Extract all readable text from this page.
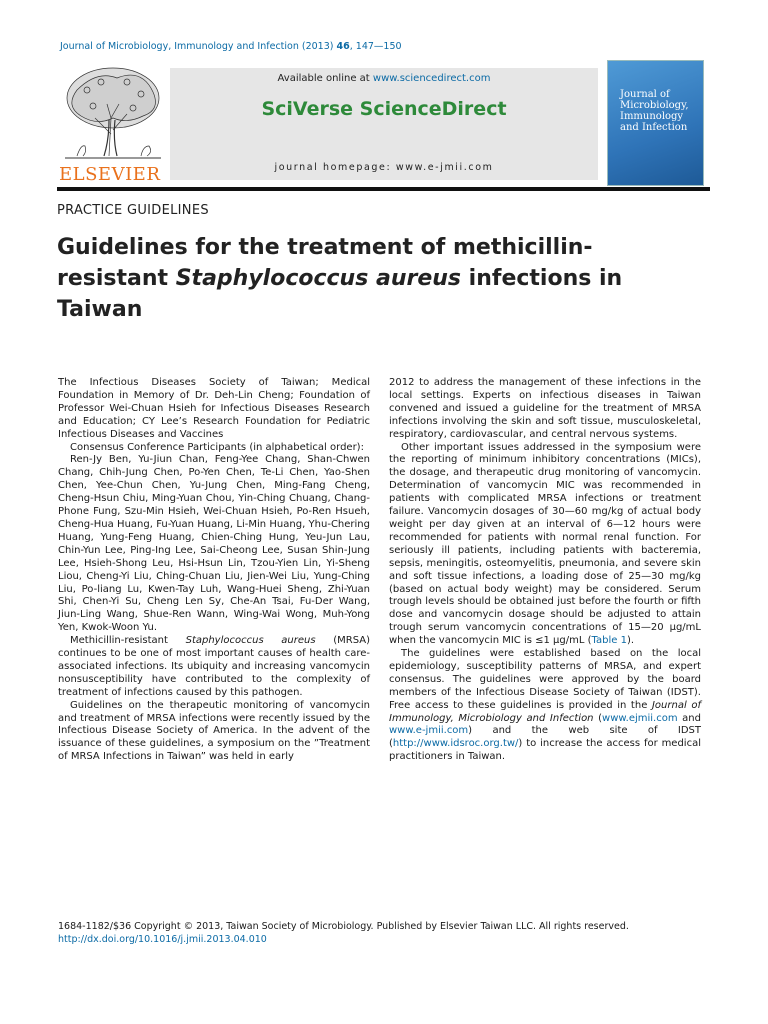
Journal of Microbiology, Immunology and Infection (2013) 46, 147—150
ELSEVIER
Available online at www.sciencedirect.com
SciVerse ScienceDirect
journal homepage: www.e-jmii.com
Journal of Microbiology, Immunology and Infection
PRACTICE GUIDELINES
Guidelines for the treatment of methicillin-resistant Staphylococcus aureus infections in Taiwan

The Infectious Diseases Society of Taiwan; Medical Foundation in Memory of Dr. Deh-Lin Cheng; Foundation of Professor Wei-Chuan Hsieh for Infectious Diseases Research and Education; CY Lee’s Research Foundation for Pediatric Infectious Diseases and Vaccines

Consensus Conference Participants (in alphabetical order):

Ren-Jy Ben, Yu-Jiun Chan, Feng-Yee Chang, Shan-Chwen Chang, Chih-Jung Chen, Po-Yen Chen, Te-Li Chen, Yao-Shen Chen, Yee-Chun Chen, Yu-Jung Chen, Ming-Fang Cheng, Cheng-Hsun Chiu, Ming-Yuan Chou, Yin-Ching Chuang, Chang-Phone Fung, Szu-Min Hsieh, Wei-Chuan Hsieh, Po-Ren Hsueh, Cheng-Hua Huang, Fu-Yuan Huang, Li-Min Huang, Yhu-Chering Huang, Yung-Feng Huang, Chien-Ching Hung, Yeu-Jun Lau, Chin-Yun Lee, Ping-Ing Lee, Sai-Cheong Lee, Susan Shin-Jung Lee, Hsieh-Shong Leu, Hsi-Hsun Lin, Tzou-Yien Lin, Yi-Sheng Liou, Cheng-Yi Liu, Ching-Chuan Liu, Jien-Wei Liu, Yung-Ching Liu, Po-liang Lu, Kwen-Tay Luh, Wang-Huei Sheng, Zhi-Yuan Shi, Chen-Yi Su, Cheng Len Sy, Che-An Tsai, Fu-Der Wang, Jiun-Ling Wang, Shue-Ren Wann, Wing-Wai Wong, Muh-Yong Yen, Kwok-Woon Yu.

Methicillin-resistant Staphylococcus aureus (MRSA) continues to be one of most important causes of health care-associated infections. Its ubiquity and increasing vancomycin nonsusceptibility have contributed to the complexity of treatment of infections caused by this pathogen.

Guidelines on the therapeutic monitoring of vancomycin and treatment of MRSA infections were recently issued by the Infectious Disease Society of America. In the advent of the issuance of these guidelines, a symposium on the ”Treatment of MRSA Infections in Taiwan” was held in early

2012 to address the management of these infections in the local settings. Experts on infectious diseases in Taiwan convened and issued a guideline for the treatment of MRSA infections involving the skin and soft tissue, musculoskeletal, respiratory, cardiovascular, and central nervous systems.

Other important issues addressed in the symposium were the reporting of minimum inhibitory concentrations (MICs), the dosage, and therapeutic drug monitoring of vancomycin. Determination of vancomycin MIC was recommended in patients with complicated MRSA infections or treatment failure. Vancomycin dosages of 30—60 mg/kg of actual body weight per day given at an interval of 6—12 hours were recommended for patients with normal renal function. For seriously ill patients, including patients with bacteremia, sepsis, meningitis, osteomyelitis, pneumonia, and severe skin and soft tissue infections, a loading dose of 25—30 mg/kg (based on actual body weight) may be considered. Serum trough levels should be obtained just before the fourth or fifth dose and vancomycin dosage should be adjusted to attain trough serum vancomycin concentrations of 15—20 μg/mL when the vancomycin MIC is ≤1 μg/mL (Table 1).

The guidelines were established based on the local epidemiology, susceptibility patterns of MRSA, and expert consensus. The guidelines were approved by the board members of the Infectious Disease Society of Taiwan (IDST). Free access to these guidelines is provided in the Journal of Immunology, Microbiology and Infection (www.ejmii.com and www.e-jmii.com) and the web site of IDST (http://www.idsroc.org.tw/) to increase the access for medical practitioners in Taiwan.

1684-1182/$36 Copyright © 2013, Taiwan Society of Microbiology. Published by Elsevier Taiwan LLC. All rights reserved.
http://dx.doi.org/10.1016/j.jmii.2013.04.010
